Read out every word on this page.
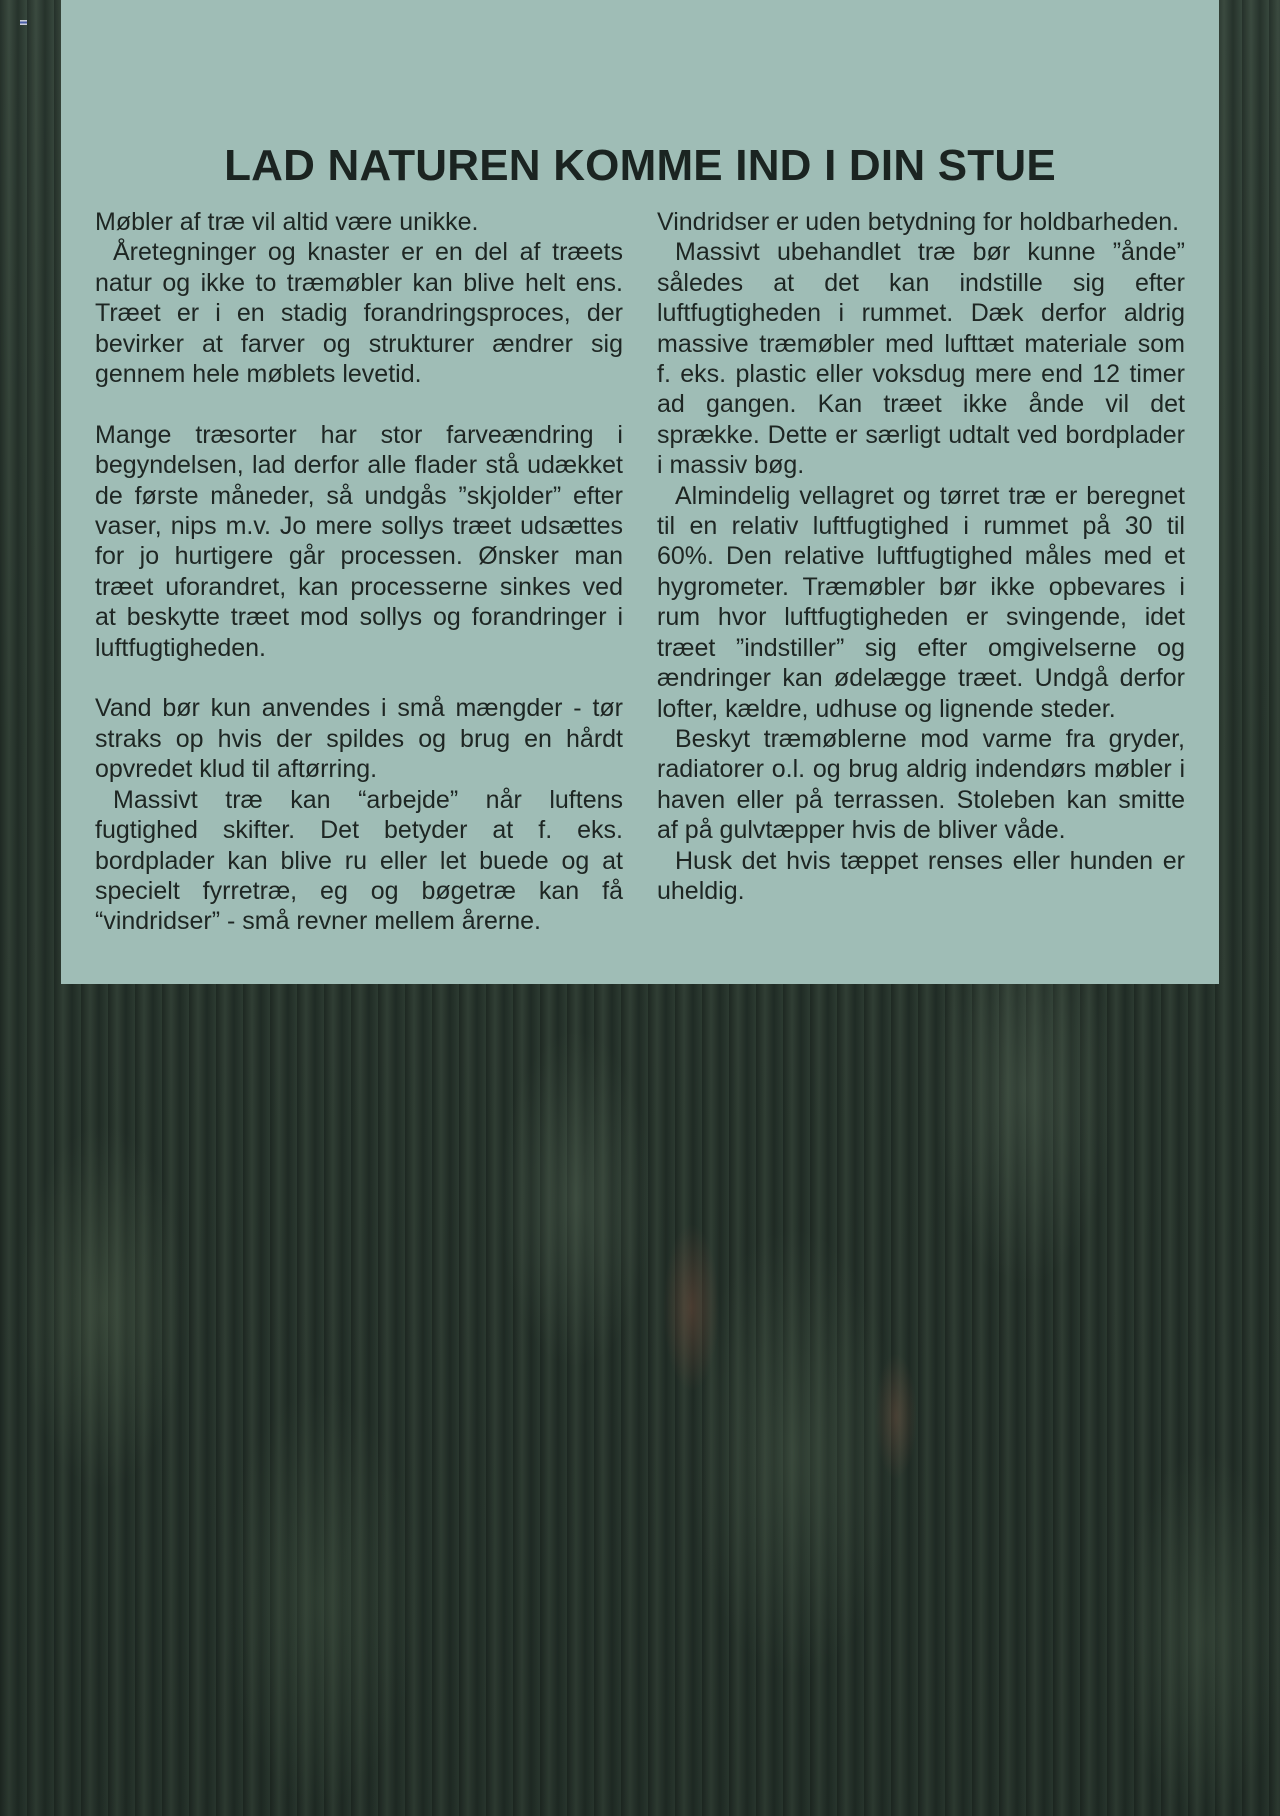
LAD NATUREN KOMME IND I DIN STUE

Møbler af træ vil altid være unikke.

Åretegninger og knaster er en del af træets natur og ikke to træmøbler kan blive helt ens. Træet er i en stadig forandringsproces, der bevirker at farver og strukturer ændrer sig gennem hele møblets levetid.

Mange træsorter har stor farveændring i begyndelsen, lad derfor alle flader stå udækket de første måneder, så undgås ”skjolder” efter vaser, nips m.v. Jo mere sollys træet udsættes for jo hurtigere går processen. Ønsker man træet uforandret, kan processerne sinkes ved at beskytte træet mod sollys og forandringer i luftfugtigheden.

Vand bør kun anvendes i små mængder - tør straks op hvis der spildes og brug en hårdt opvredet klud til aftørring.

Massivt træ kan “arbejde” når luftens fugtighed skifter. Det betyder at f. eks. bordplader kan blive ru eller let buede og at specielt fyrretræ, eg og bøgetræ kan få “vindridser” - små revner mellem årerne.

Vindridser er uden betydning for holdbarheden.

Massivt ubehandlet træ bør kunne ”ånde” således at det kan indstille sig efter luftfugtigheden i rummet. Dæk derfor aldrig massive træmøbler med lufttæt materiale som f. eks. plastic eller voksdug mere end 12 timer ad gangen. Kan træet ikke ånde vil det sprække. Dette er særligt udtalt ved bordplader i massiv bøg.

Almindelig vellagret og tørret træ er beregnet til en relativ luftfugtighed i rummet på 30 til 60%. Den relative luftfugtighed måles med et hygrometer. Træmøbler bør ikke opbevares i rum hvor luftfugtigheden er svingende, idet træet ”indstiller” sig efter omgivelserne og ændringer kan ødelægge træet. Undgå derfor lofter, kældre, udhuse og lignende steder.

Beskyt træmøblerne mod varme fra gryder, radiatorer o.l. og brug aldrig indendørs møbler i haven eller på terrassen. Stoleben kan smitte af på gulvtæpper hvis de bliver våde.

Husk det hvis tæppet renses eller hunden er uheldig.
